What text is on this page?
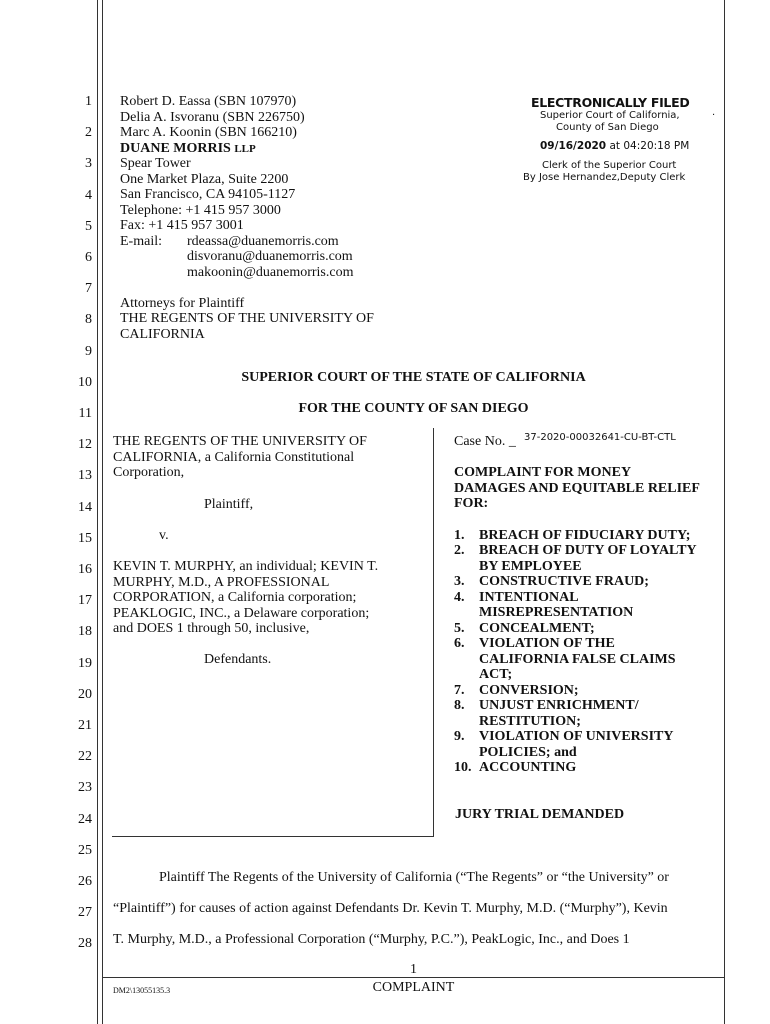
1
2
3
4
5
6
7
8
9
10
11
12
13
14
15
16
17
18
19
20
21
22
23
24
25
26
27
28
Robert D. Eassa (SBN 107970)
Delia A. Isvoranu (SBN 226750)
Marc A. Koonin (SBN 166210)
DUANE MORRIS LLP
Spear Tower
One Market Plaza, Suite 2200
San Francisco, CA 94105-1127
Telephone: +1 415 957 3000
Fax: +1 415 957 3001
E-mail: rdeassa@duanemorris.com
disvoranu@duanemorris.com
makoonin@duanemorris.com
Attorneys for Plaintiff
THE REGENTS OF THE UNIVERSITY OF
CALIFORNIA
ELECTRONICALLY FILED
Superior Court of California,	·
County of San Diego
09/16/2020 at 04:20:18 PM
Clerk of the Superior Court
By Jose Hernandez,Deputy Clerk
SUPERIOR COURT OF THE STATE OF CALIFORNIA
FOR THE COUNTY OF SAN DIEGO
THE REGENTS OF THE UNIVERSITY OF
CALIFORNIA, a California Constitutional
Corporation,
Plaintiff,
v.
KEVIN T. MURPHY, an individual; KEVIN T.
MURPHY, M.D., A PROFESSIONAL
CORPORATION, a California corporation;
PEAKLOGIC, INC., a Delaware corporation;
and DOES 1 through 50, inclusive,
Defendants.
Case No. _ 37-2020-00032641-CU-BT-CTL
COMPLAINT FOR MONEY
DAMAGES AND EQUITABLE RELIEF
FOR:
1. BREACH OF FIDUCIARY DUTY;
2. BREACH OF DUTY OF LOYALTY
BY EMPLOYEE
3. CONSTRUCTIVE FRAUD;
4. INTENTIONAL
MISREPRESENTATION
5. CONCEALMENT;
6. VIOLATION OF THE
CALIFORNIA FALSE CLAIMS
ACT;
7. CONVERSION;
8. UNJUST ENRICHMENT/
RESTITUTION;
9. VIOLATION OF UNIVERSITY
POLICIES; and
10. ACCOUNTING
JURY TRIAL DEMANDED
Plaintiff The Regents of the University of California (“The Regents” or “the University” or
“Plaintiff”) for causes of action against Defendants Dr. Kevin T. Murphy, M.D. (“Murphy”), Kevin
T. Murphy, M.D., a Professional Corporation (“Murphy, P.C.”), PeakLogic, Inc., and Does 1
1
COMPLAINT
DM2\13055135.3
